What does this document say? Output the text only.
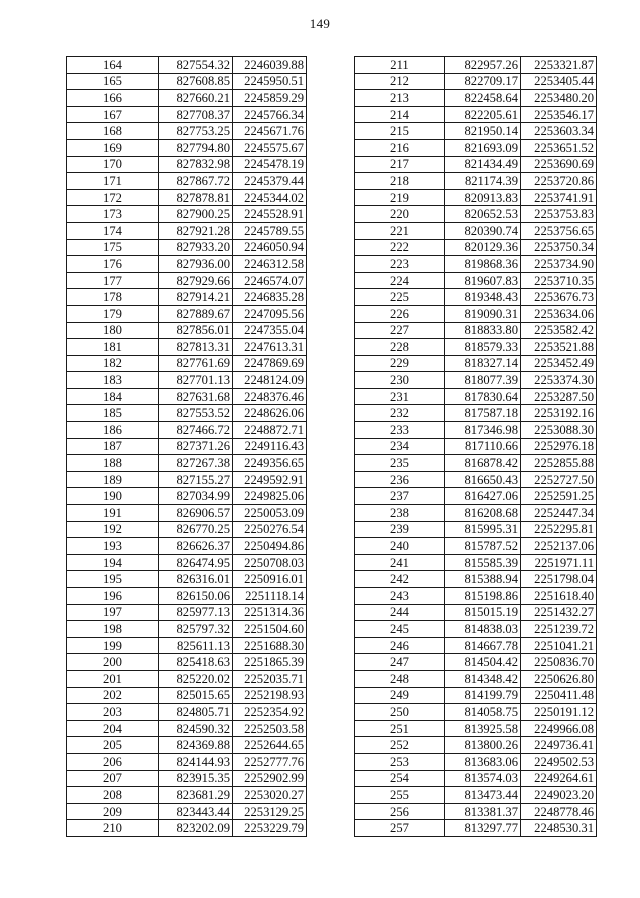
149
164	827554.32	2246039.88
165	827608.85	2245950.51
166	827660.21	2245859.29
167	827708.37	2245766.34
168	827753.25	2245671.76
169	827794.80	2245575.67
170	827832.98	2245478.19
171	827867.72	2245379.44
172	827878.81	2245344.02
173	827900.25	2245528.91
174	827921.28	2245789.55
175	827933.20	2246050.94
176	827936.00	2246312.58
177	827929.66	2246574.07
178	827914.21	2246835.28
179	827889.67	2247095.56
180	827856.01	2247355.04
181	827813.31	2247613.31
182	827761.69	2247869.69
183	827701.13	2248124.09
184	827631.68	2248376.46
185	827553.52	2248626.06
186	827466.72	2248872.71
187	827371.26	2249116.43
188	827267.38	2249356.65
189	827155.27	2249592.91
190	827034.99	2249825.06
191	826906.57	2250053.09
192	826770.25	2250276.54
193	826626.37	2250494.86
194	826474.95	2250708.03
195	826316.01	2250916.01
196	826150.06	2251118.14
197	825977.13	2251314.36
198	825797.32	2251504.60
199	825611.13	2251688.30
200	825418.63	2251865.39
201	825220.02	2252035.71
202	825015.65	2252198.93
203	824805.71	2252354.92
204	824590.32	2252503.58
205	824369.88	2252644.65
206	824144.93	2252777.76
207	823915.35	2252902.99
208	823681.29	2253020.27
209	823443.44	2253129.25
210	823202.09	2253229.79
211	822957.26	2253321.87
212	822709.17	2253405.44
213	822458.64	2253480.20
214	822205.61	2253546.17
215	821950.14	2253603.34
216	821693.09	2253651.52
217	821434.49	2253690.69
218	821174.39	2253720.86
219	820913.83	2253741.91
220	820652.53	2253753.83
221	820390.74	2253756.65
222	820129.36	2253750.34
223	819868.36	2253734.90
224	819607.83	2253710.35
225	819348.43	2253676.73
226	819090.31	2253634.06
227	818833.80	2253582.42
228	818579.33	2253521.88
229	818327.14	2253452.49
230	818077.39	2253374.30
231	817830.64	2253287.50
232	817587.18	2253192.16
233	817346.98	2253088.30
234	817110.66	2252976.18
235	816878.42	2252855.88
236	816650.43	2252727.50
237	816427.06	2252591.25
238	816208.68	2252447.34
239	815995.31	2252295.81
240	815787.52	2252137.06
241	815585.39	2251971.11
242	815388.94	2251798.04
243	815198.86	2251618.40
244	815015.19	2251432.27
245	814838.03	2251239.72
246	814667.78	2251041.21
247	814504.42	2250836.70
248	814348.42	2250626.80
249	814199.79	2250411.48
250	814058.75	2250191.12
251	813925.58	2249966.08
252	813800.26	2249736.41
253	813683.06	2249502.53
254	813574.03	2249264.61
255	813473.44	2249023.20
256	813381.37	2248778.46
257	813297.77	2248530.31
